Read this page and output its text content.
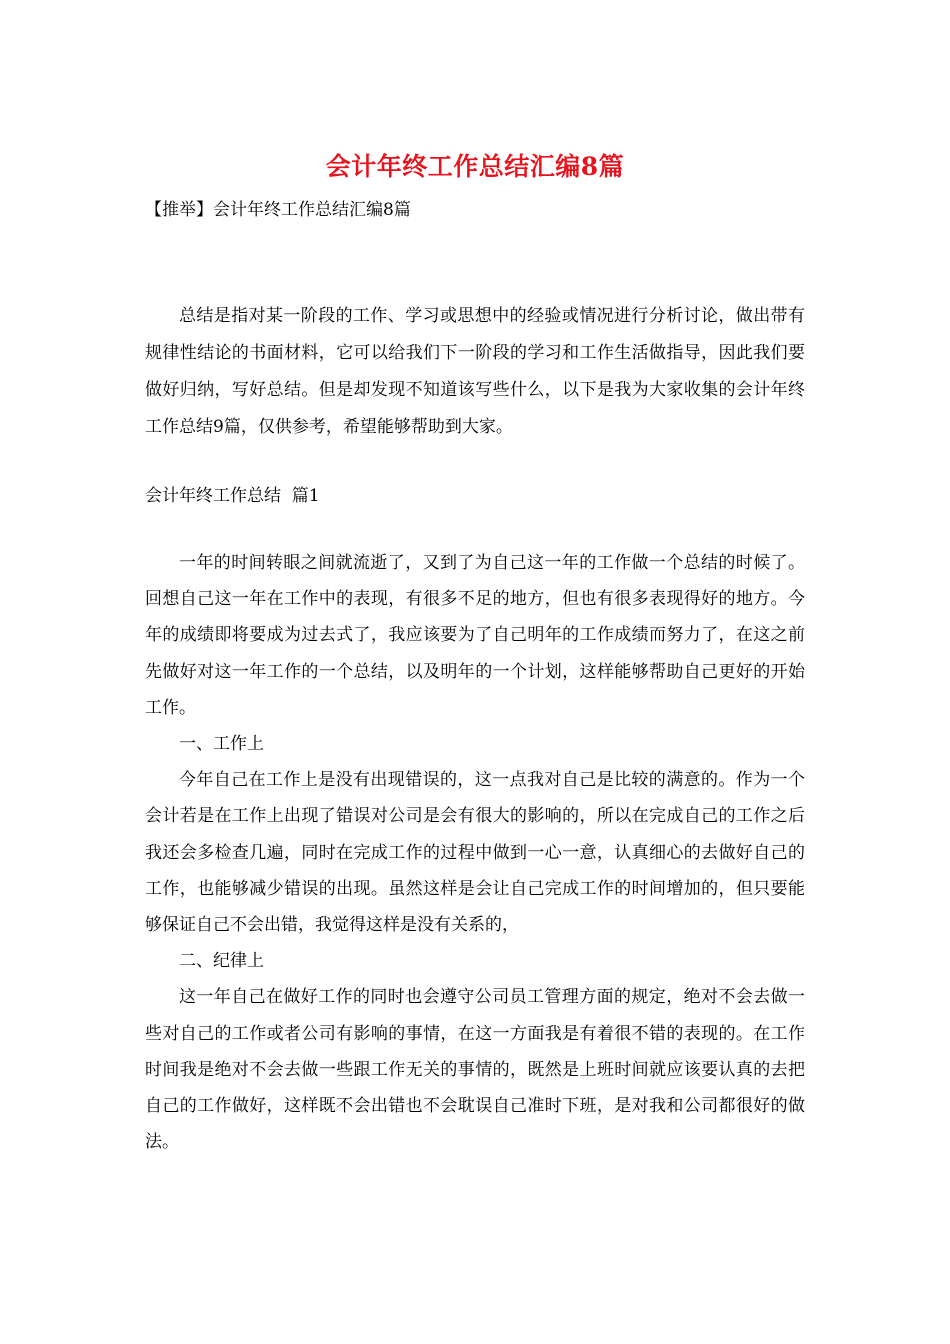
会计年终工作总结汇编8篇
【推举】会计年终工作总结汇编8篇
总结是指对某一阶段的工作、学习或思想中的经验或情况进行分析讨论，做出带有规律性结论的书面材料，它可以给我们下一阶段的学习和工作生活做指导，因此我们要做好归纳，写好总结。但是却发现不知道该写些什么，以下是我为大家收集的会计年终工作总结9篇，仅供参考，希望能够帮助到大家。
会计年终工作总结  篇1

一年的时间转眼之间就流逝了，又到了为自己这一年的工作做一个总结的时候了。回想自己这一年在工作中的表现，有很多不足的地方，但也有很多表现得好的地方。今年的成绩即将要成为过去式了，我应该要为了自己明年的工作成绩而努力了，在这之前先做好对这一年工作的一个总结，以及明年的一个计划，这样能够帮助自己更好的开始工作。

一、工作上

今年自己在工作上是没有出现错误的，这一点我对自己是比较的满意的。作为一个会计若是在工作上出现了错误对公司是会有很大的影响的，所以在完成自己的工作之后我还会多检查几遍，同时在完成工作的过程中做到一心一意，认真细心的去做好自己的工作，也能够减少错误的出现。虽然这样是会让自己完成工作的时间增加的，但只要能够保证自己不会出错，我觉得这样是没有关系的，

二、纪律上

这一年自己在做好工作的同时也会遵守公司员工管理方面的规定，绝对不会去做一些对自己的工作或者公司有影响的事情，在这一方面我是有着很不错的表现的。在工作时间我是绝对不会去做一些跟工作无关的事情的，既然是上班时间就应该要认真的去把自己的工作做好，这样既不会出错也不会耽误自己准时下班，是对我和公司都很好的做法。
